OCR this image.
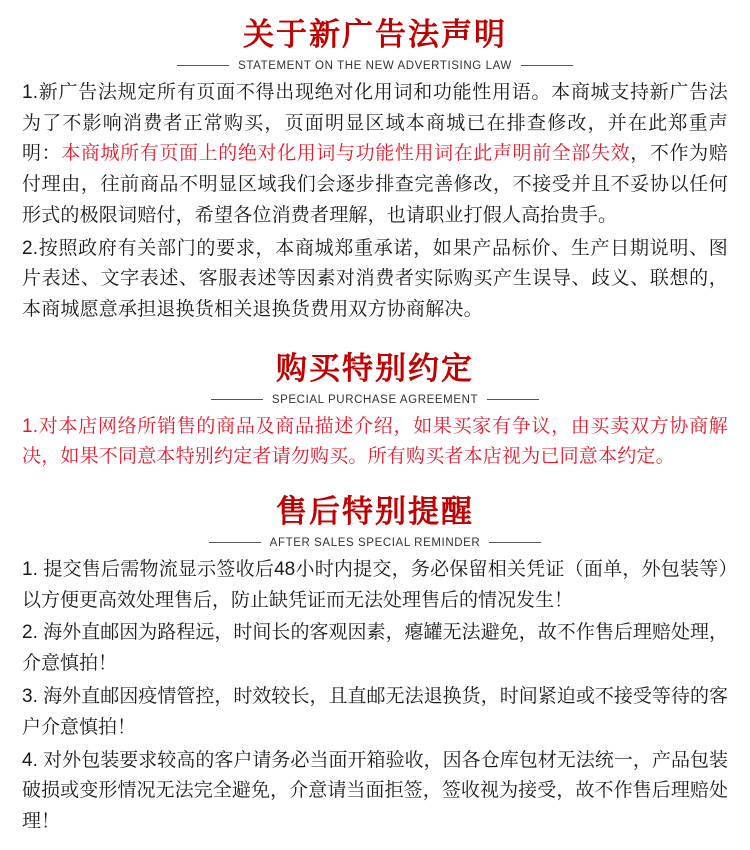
关于新广告法声明
STATEMENT ON THE NEW ADVERTISING LAW

1.新广告法规定所有页面不得出现绝对化用词和功能性用语。本商城支持新广告法为了不影响消费者正常购买，页面明显区域本商城已在排查修改，并在此郑重声明：本商城所有页面上的绝对化用词与功能性用词在此声明前全部失效，不作为赔付理由，往前商品不明显区域我们会逐步排查完善修改，不接受并且不妥协以任何形式的极限词赔付，希望各位消费者理解，也请职业打假人高抬贵手。

2.按照政府有关部门的要求，本商城郑重承诺，如果产品标价、生产日期说明、图片表述、文字表述、客服表述等因素对消费者实际购买产生误导、歧义、联想的，本商城愿意承担退换货相关退换货费用双方协商解决。

购买特别约定
SPECIAL PURCHASE AGREEMENT

1.对本店网络所销售的商品及商品描述介绍，如果买家有争议，由买卖双方协商解决，如果不同意本特别约定者请勿购买。所有购买者本店视为已同意本约定。

售后特别提醒
AFTER SALES SPECIAL REMINDER

1. 提交售后需物流显示签收后48小时内提交，务必保留相关凭证（面单，外包装等）以方便更高效处理售后，防止缺凭证而无法处理售后的情况发生！

2. 海外直邮因为路程远，时间长的客观因素，瘪罐无法避免，故不作售后理赔处理，介意慎拍！

3. 海外直邮因疫情管控，时效较长，且直邮无法退换货，时间紧迫或不接受等待的客户介意慎拍！

4. 对外包装要求较高的客户请务必当面开箱验收，因各仓库包材无法统一，产品包装破损或变形情况无法完全避免，介意请当面拒签，签收视为接受，故不作售后理赔处理！
